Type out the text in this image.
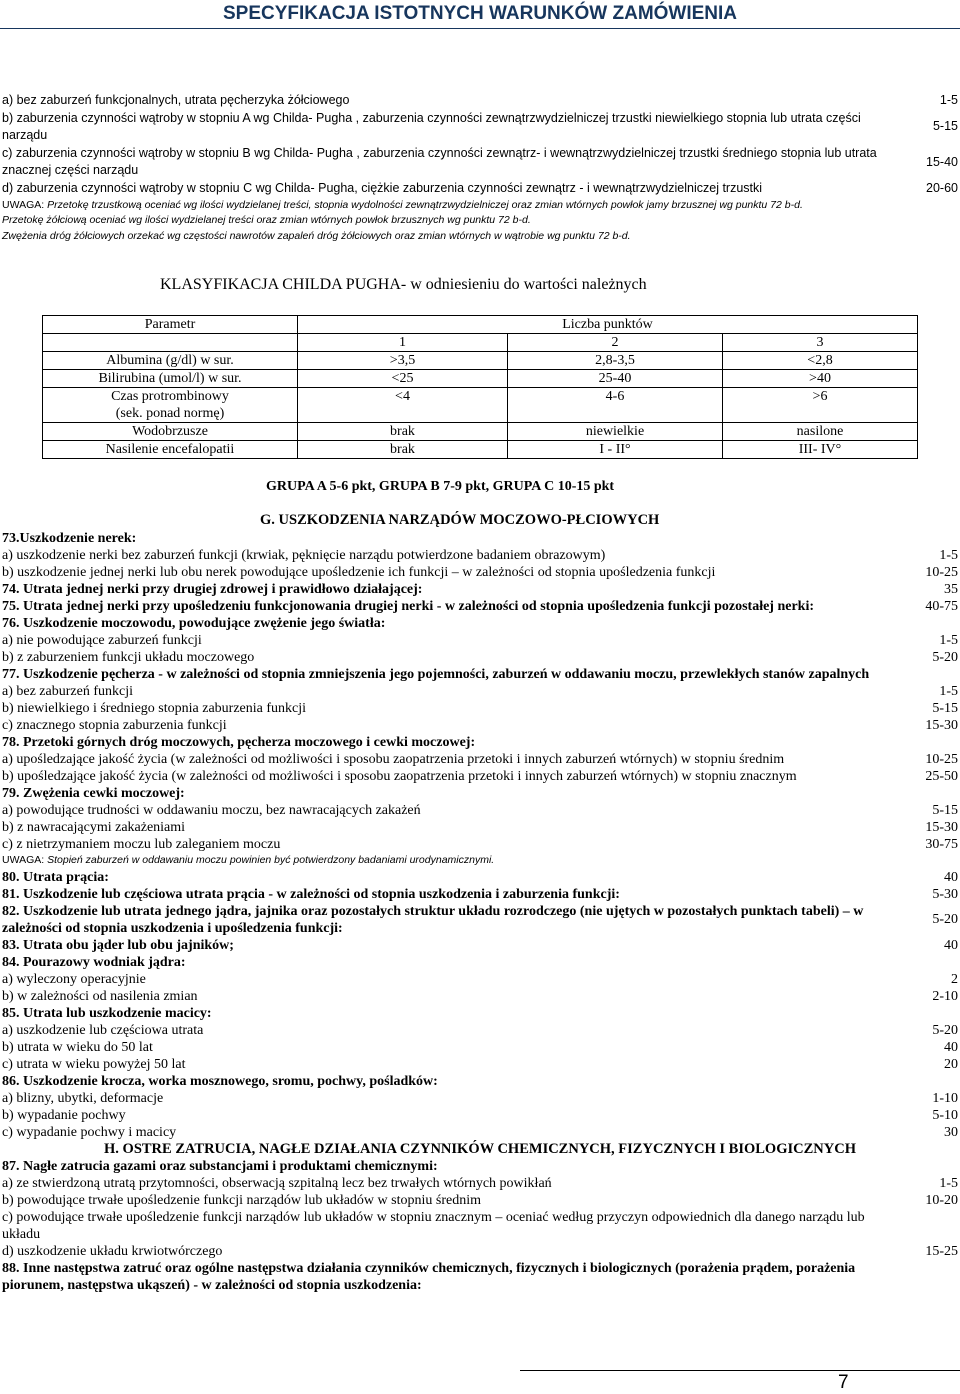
SPECYFIKACJA ISTOTNYCH WARUNKÓW ZAMÓWIENIA
a) bez zaburzeń funkcjonalnych, utrata pęcherzyka żółciowego	1-5
b) zaburzenia czynności wątroby w stopniu A wg Childa- Pugha , zaburzenia czynności zewnątrzwydzielniczej trzustki niewielkiego stopnia lub utrata części narządu
5-15
c) zaburzenia czynności wątroby w stopniu B wg Childa- Pugha , zaburzenia czynności zewnątrz- i wewnątrzwydzielniczej trzustki średniego stopnia lub utrata znacznej części narządu
15-40
d) zaburzenia czynności wątroby w stopniu C wg Childa- Pugha, ciężkie zaburzenia czynności zewnątrz - i wewnątrzwydzielniczej trzustki	20-60
UWAGA: Przetokę trzustkową oceniać wg ilości wydzielanej treści, stopnia wydolności zewnątrzwydzielniczej oraz zmian wtórnych powłok jamy brzusznej wg punktu 72 b-d.
Przetokę żółciową oceniać wg ilości wydzielanej treści oraz zmian wtórnych powłok brzusznych wg punktu 72 b-d.
Zwężenia dróg żółciowych orzekać wg częstości nawrotów zapaleń dróg żółciowych oraz zmian wtórnych w wątrobie wg punktu 72 b-d.
KLASYFIKACJA CHILDA PUGHA- w odniesieniu do wartości należnych
Parametr	Liczba punktów		
	1	2	3
Albumina (g/dl) w sur.	>3,5	2,8-3,5	<2,8
Bilirubina (umol/l) w sur.	<25	25-40	>40
Czas protrombinowy (sek. ponad normę)	<4	4-6	>6
Wodobrzusze	brak	niewielkie	nasilone
Nasilenie encefalopatii	brak	I - II°	III- IV°
GRUPA A 5-6 pkt, GRUPA B 7-9 pkt, GRUPA C 10-15 pkt
G. USZKODZENIA NARZĄDÓW MOCZOWO-PŁCIOWYCH
73.Uszkodzenie nerek:
a) uszkodzenie nerki bez zaburzeń funkcji (krwiak, pęknięcie narządu potwierdzone badaniem obrazowym)	1-5
b) uszkodzenie jednej nerki lub obu nerek powodujące upośledzenie ich funkcji – w zależności od stopnia upośledzenia funkcji	10-25
74. Utrata jednej nerki przy drugiej zdrowej i prawidłowo działającej:	35
75. Utrata jednej nerki przy upośledzeniu funkcjonowania drugiej nerki - w zależności od stopnia upośledzenia funkcji pozostałej nerki:	40-75
76. Uszkodzenie moczowodu, powodujące zwężenie jego światła:
a) nie powodujące zaburzeń funkcji	1-5
b) z zaburzeniem funkcji układu moczowego	5-20
77. Uszkodzenie pęcherza - w zależności od stopnia zmniejszenia jego pojemności, zaburzeń w oddawaniu moczu, przewlekłych stanów zapalnych
a) bez zaburzeń funkcji	1-5
b) niewielkiego i średniego stopnia zaburzenia funkcji	5-15
c) znacznego stopnia zaburzenia funkcji	15-30
78. Przetoki górnych dróg moczowych, pęcherza moczowego i cewki moczowej:
a) upośledzające jakość życia (w zależności od możliwości i sposobu zaopatrzenia przetoki i innych zaburzeń wtórnych) w stopniu średnim	10-25
b) upośledzające jakość życia (w zależności od możliwości i sposobu zaopatrzenia przetoki i innych zaburzeń wtórnych) w stopniu znacznym	25-50
79. Zwężenia cewki moczowej:
a) powodujące trudności w oddawaniu moczu, bez nawracających zakażeń	5-15
b) z nawracającymi zakażeniami	15-30
c) z nietrzymaniem moczu lub zaleganiem moczu	30-75
UWAGA: Stopień zaburzeń w oddawaniu moczu powinien być potwierdzony badaniami urodynamicznymi.
80. Utrata prącia:	40
81. Uszkodzenie lub częściowa utrata prącia - w zależności od stopnia uszkodzenia i zaburzenia funkcji:	5-30
82. Uszkodzenie lub utrata jednego jądra, jajnika oraz pozostałych struktur układu rozrodczego (nie ujętych w pozostałych punktach tabeli) – w zależności od stopnia uszkodzenia i upośledzenia funkcji:
5-20
83. Utrata obu jąder lub obu jajników;	40
84. Pourazowy wodniak jądra:
a) wyleczony operacyjnie	2
b) w zależności od nasilenia zmian	2-10
85. Utrata lub uszkodzenie macicy:
a) uszkodzenie lub częściowa utrata	5-20
b) utrata w wieku do 50 lat	40
c) utrata w wieku powyżej 50 lat	20
86. Uszkodzenie krocza, worka mosznowego, sromu, pochwy, pośladków:
a) blizny, ubytki, deformacje	1-10
b) wypadanie pochwy	5-10
c) wypadanie pochwy i macicy	30
H. OSTRE ZATRUCIA, NAGŁE DZIAŁANIA CZYNNIKÓW CHEMICZNYCH, FIZYCZNYCH I BIOLOGICZNYCH
87. Nagłe zatrucia gazami oraz substancjami i produktami chemicznymi:
a) ze stwierdzoną utratą przytomności, obserwacją szpitalną lecz bez trwałych wtórnych powikłań	1-5
b) powodujące trwałe upośledzenie funkcji narządów lub układów w stopniu średnim	10-20
c) powodujące trwałe upośledzenie funkcji narządów lub układów w stopniu znacznym – oceniać według przyczyn odpowiednich dla danego narządu lub układu
d) uszkodzenie układu krwiotwórczego	15-25
88. Inne następstwa zatruć oraz ogólne następstwa działania czynników chemicznych, fizycznych i biologicznych (porażenia prądem, porażenia piorunem, następstwa ukąszeń) - w zależności od stopnia uszkodzenia:
7
